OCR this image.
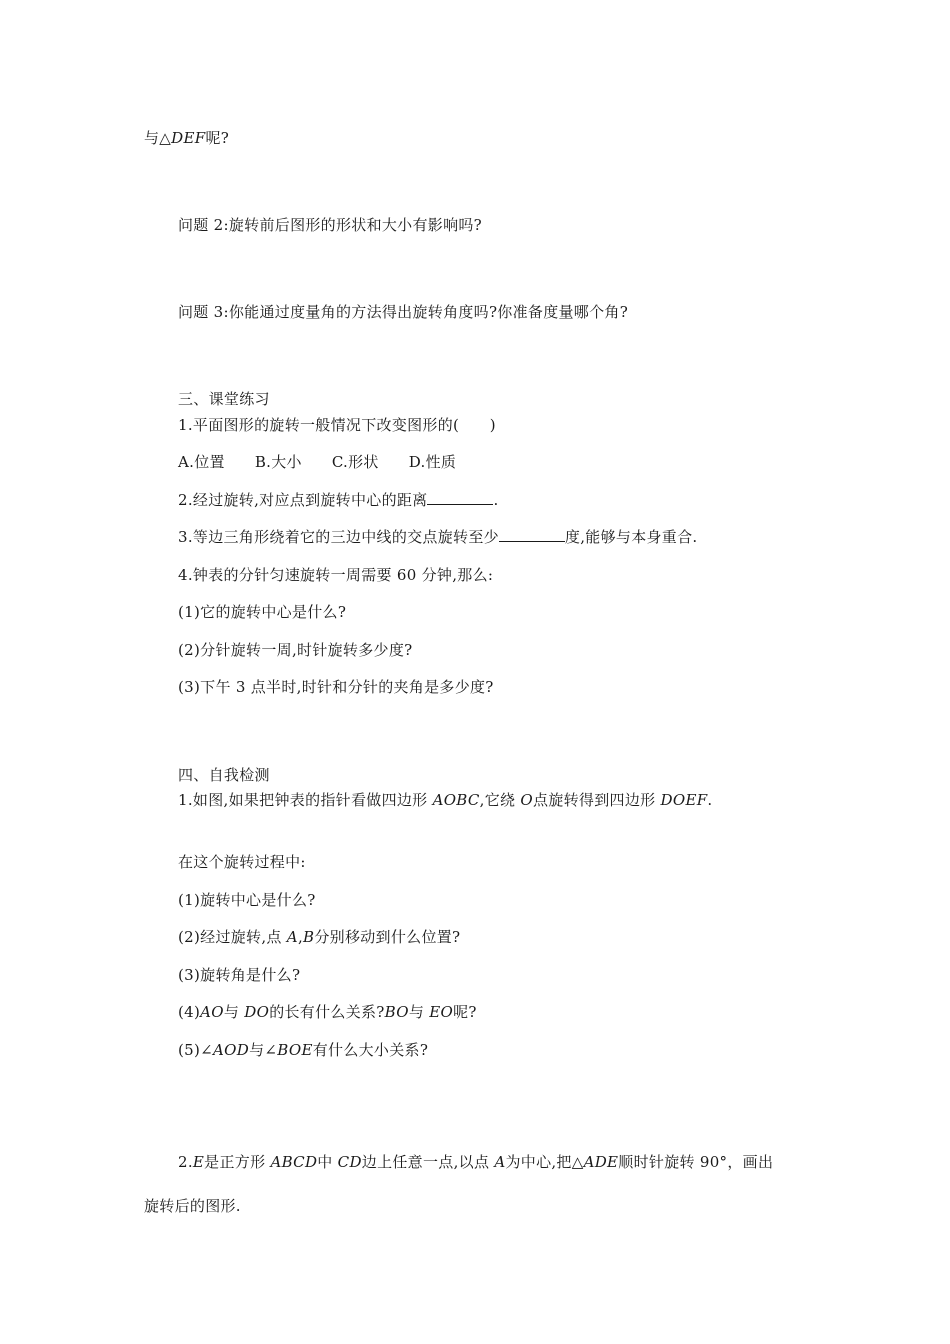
与△DEF呢?
问题 2:旋转前后图形的形状和大小有影响吗?
问题 3:你能通过度量角的方法得出旋转角度吗?你准备度量哪个角?
三、课堂练习
1.平面图形的旋转一般情况下改变图形的(　　)
A.位置 B.大小 C.形状 D.性质
2.经过旋转,对应点到旋转中心的距离	.
3.等边三角形绕着它的三边中线的交点旋转至少	度,能够与本身重合.
4.钟表的分针匀速旋转一周需要 60 分钟,那么:
(1)它的旋转中心是什么?
(2)分针旋转一周,时针旋转多少度?
(3)下午 3 点半时,时针和分针的夹角是多少度?
四、自我检测
1.如图,如果把钟表的指针看做四边形 AOBC,它绕 O点旋转得到四边形 DOEF.
在这个旋转过程中:
(1)旋转中心是什么?
(2)经过旋转,点 A,B分别移动到什么位置?
(3)旋转角是什么?
(4)AO与 DO的长有什么关系?BO与 EO呢?
(5)∠AOD与∠BOE有什么大小关系?
2.E是正方形 ABCD中 CD边上任意一点,以点 A为中心,把△ADE顺时针旋转 90°，画出
旋转后的图形.
